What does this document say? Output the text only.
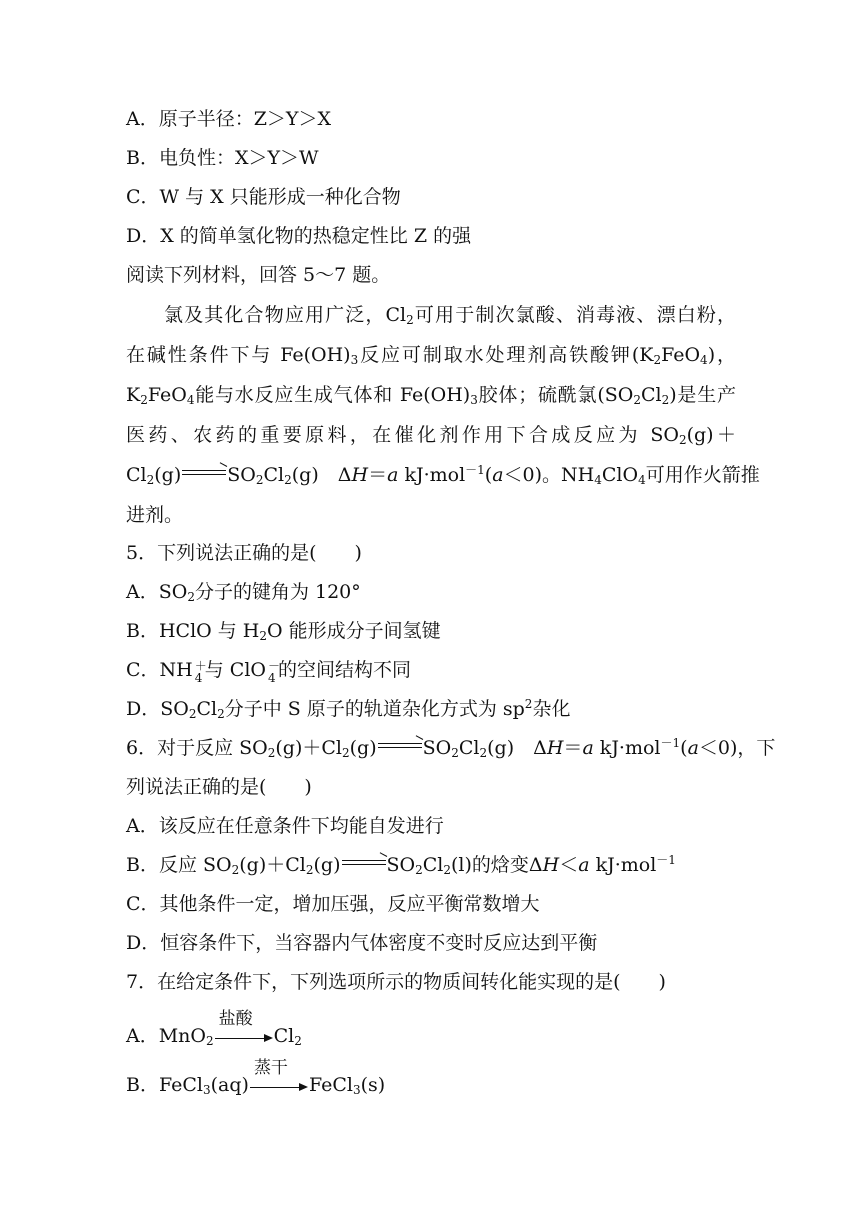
A．原子半径：Z＞Y＞X
B．电负性：X＞Y＞W
C．W 与 X 只能形成一种化合物
D．X 的简单氢化物的热稳定性比 Z 的强
阅读下列材料，回答 5～7 题。
氯及其化合物应用广泛，$Cl_2$可用于制次氯酸、消毒液、漂白粉，
在碱性条件下与 $Fe(OH)_3$反应可制取水处理剂高铁酸钾$(K_2FeO_4)$，
$K_2FeO_4$能与水反应生成气体和 $Fe(OH)_3$胶体；硫酰氯$(SO_2Cl_2)$是生产
医药、农药的重要原料，在催化剂作用下合成反应为 $SO_2(g)+$
$Cl_2(g)\to SO_2Cl_2(g)$　ΔH＝a kJ·mol$^{-1}$(a＜0)。$NH_4ClO_4$可用作火箭推
进剂。
5．下列说法正确的是(　　)
A．$SO_2$分子的键角为 120°
B．HClO 与 $H_2O$ 能形成分子间氢键
C．NH ＋
4 与 ClO －
4 的空间结构不同
D．$SO_2Cl_2$分子中 S 原子的轨道杂化方式为 $sp^2$杂化
6．对于反应 $SO_2(g)+Cl_2(g)\to SO_2Cl_2(g)$　ΔH＝a kJ·mol$^{-1}$(a＜0)，下
列说法正确的是(　　)
A．该反应在任意条件下均能自发进行
B．反应 $SO_2(g)+Cl_2(g)\to SO_2Cl_2(l)$的焓变ΔH＜a kJ·mol$^{-1}$
C．其他条件一定，增加压强，反应平衡常数增大
D．恒容条件下，当容器内气体密度不变时反应达到平衡
7．在给定条件下，下列选项所示的物质间转化能实现的是(　　)
A．MnO$_2$
盐酸
$Cl_2$
B．FeCl$_3$(aq)
蒸干
FeCl$_3$(s)
